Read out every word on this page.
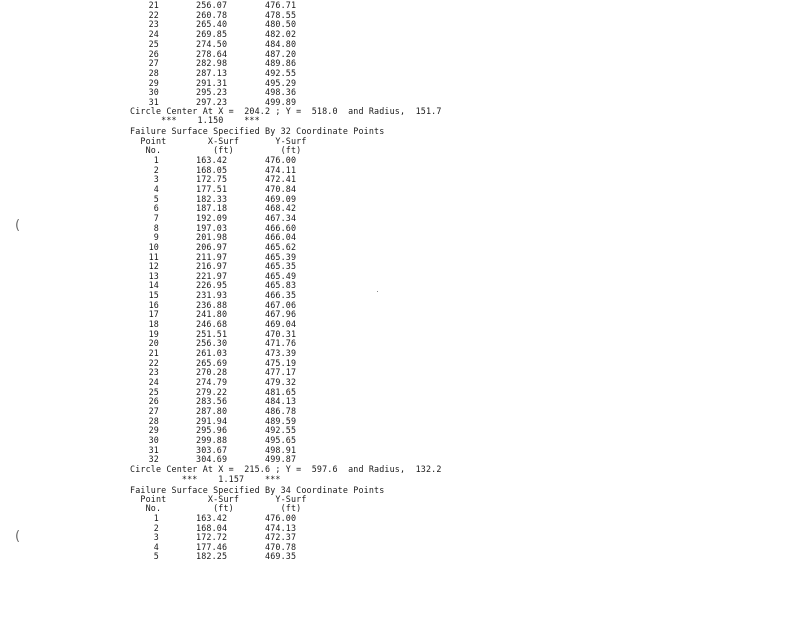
21	256.07	476.71
22	260.78	478.55
23	265.40	480.50
24	269.85	482.02
25	274.50	484.80
26	278.64	487.20
27	282.98	489.86
28	287.13	492.55
29	291.31	495.29
30	295.23	498.36
31	297.23	499.89
Circle Center At X =  204.2 ; Y =  518.0  and Radius,  151.7
***    1.150    ***
Failure Surface Specified By 32 Coordinate Points
Point        X-Surf       Y-Surf
No.          (ft)         (ft)
1	163.42	476.00
2	168.05	474.11
3	172.75	472.41
4	177.51	470.84
5	182.33	469.09
6	187.18	468.42
7	192.09	467.34
8	197.03	466.60
9	201.98	466.04
10	206.97	465.62
11	211.97	465.39
12	216.97	465.35
13	221.97	465.49
14	226.95	465.83
15	231.93	466.35
16	236.88	467.06
17	241.80	467.96
18	246.68	469.04
19	251.51	470.31
20	256.30	471.76
21	261.03	473.39
22	265.69	475.19
23	270.28	477.17
24	274.79	479.32
25	279.22	481.65
26	283.56	484.13
27	287.80	486.78
28	291.94	489.59
29	295.96	492.55
30	299.88	495.65
31	303.67	498.91
32	304.69	499.87
Circle Center At X =  215.6 ; Y =  597.6  and Radius,  132.2
***    1.157    ***
Failure Surface Specified By 34 Coordinate Points
Point        X-Surf       Y-Surf
No.          (ft)         (ft)
1	163.42	476.00
2	168.04	474.13
3	172.72	472.37
4	177.46	470.78
5	182.25	469.35
(
(
